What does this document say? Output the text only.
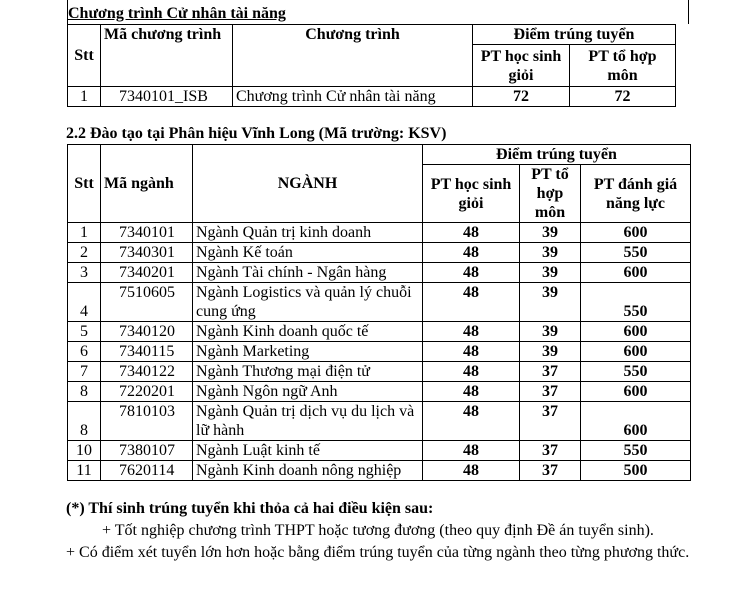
Chương trình Cử nhân tài năng
Stt	Mã chương trình	Chương trình	Điểm trúng tuyển	
			PT học sinh giỏi	PT tổ hợp môn
1	7340101_ISB	Chương trình Cử nhân tài năng	72	72
2.2 Đào tạo tại Phân hiệu Vĩnh Long (Mã trường: KSV)
Stt	Mã ngành	NGÀNH	Điểm trúng tuyển		
			PT học sinh giỏi	PT tổ hợp môn	PT đánh giá năng lực
1	7340101	Ngành Quản trị kinh doanh	48	39	600
2	7340301	Ngành Kế toán	48	39	550
3	7340201	Ngành Tài chính - Ngân hàng	48	39	600
4	7510605	Ngành Logistics và quản lý chuỗi cung ứng	48	39	550
5	7340120	Ngành Kinh doanh quốc tế	48	39	600
6	7340115	Ngành Marketing	48	39	600
7	7340122	Ngành Thương mại điện tử	48	37	550
8	7220201	Ngành Ngôn ngữ Anh	48	37	600
8	7810103	Ngành Quản trị dịch vụ du lịch và lữ hành	48	37	600
10	7380107	Ngành Luật kinh tế	48	37	550
11	7620114	Ngành Kinh doanh nông nghiệp	48	37	500

(*) Thí sinh trúng tuyển khi thỏa cả hai điều kiện sau:

+ Tốt nghiệp chương trình THPT hoặc tương đương (theo quy định Đề án tuyển sinh).

+ Có điểm xét tuyển lớn hơn hoặc bằng điểm trúng tuyển của từng ngành theo từng phương thức.
